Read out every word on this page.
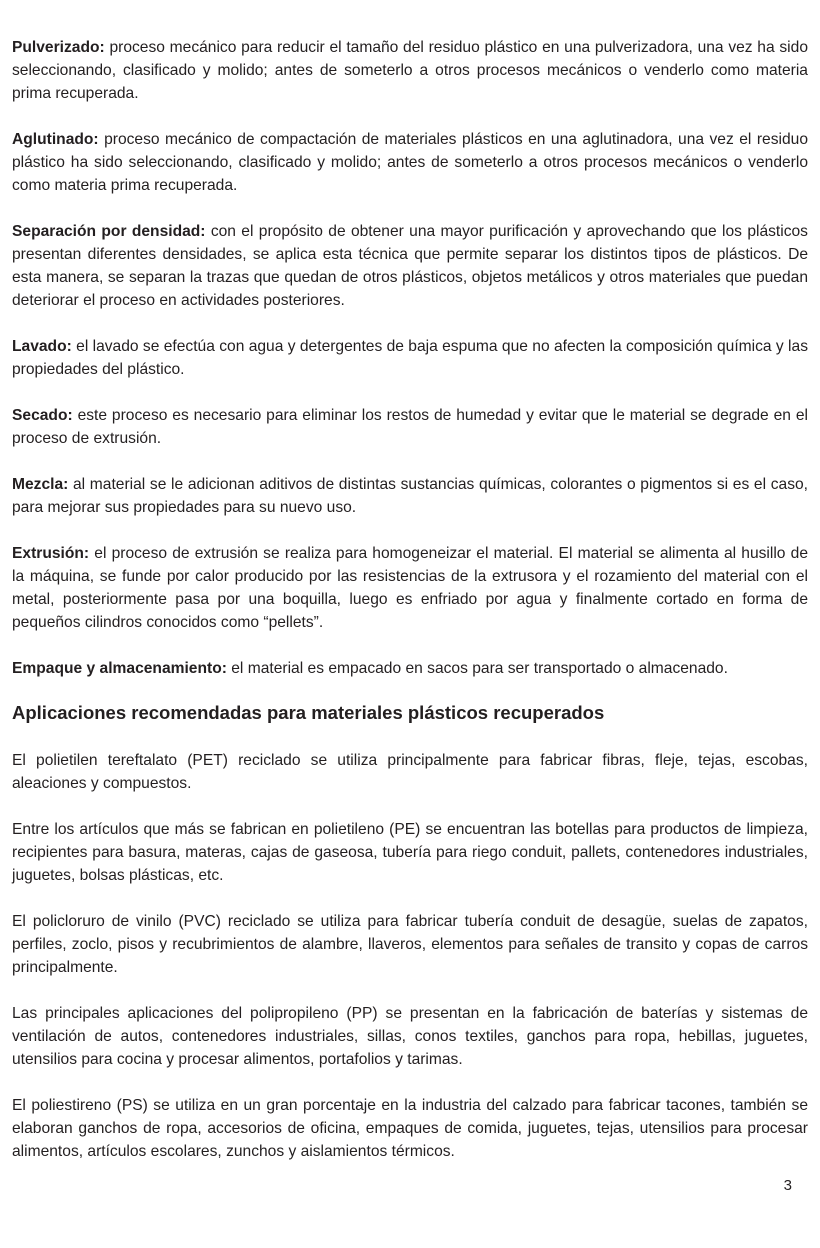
Pulverizado: proceso mecánico para reducir el tamaño del residuo plástico en una pulverizadora, una vez ha sido seleccionando, clasificado y molido; antes de someterlo a otros procesos mecánicos o venderlo como materia prima recuperada.

Aglutinado: proceso mecánico de compactación de materiales plásticos en una aglutinadora, una vez el residuo plástico ha sido seleccionando, clasificado y molido; antes de someterlo a otros procesos mecánicos o venderlo como materia prima recuperada.

Separación por densidad: con el propósito de obtener una mayor purificación y aprovechando que los plásticos presentan diferentes densidades, se aplica esta técnica que permite separar los distintos tipos de plásticos. De esta manera, se separan la trazas que quedan de otros plásticos, objetos metálicos y otros materiales que puedan deteriorar el proceso en actividades posteriores.

Lavado: el lavado se efectúa con agua y detergentes de baja espuma que no afecten la composición química y las propiedades del plástico.

Secado: este proceso es necesario para eliminar los restos de humedad y evitar que le material se degrade en el proceso de extrusión.

Mezcla: al material se le adicionan aditivos de distintas sustancias químicas, colorantes o pigmentos si es el caso, para mejorar sus propiedades para su nuevo uso.

Extrusión: el proceso de extrusión se realiza para homogeneizar el material. El material se alimenta al husillo de la máquina, se funde por calor producido por las resistencias de la extrusora y el rozamiento del material con el metal, posteriormente pasa por una boquilla, luego es enfriado por agua y finalmente cortado en forma de pequeños cilindros conocidos como “pellets”.

Empaque y almacenamiento: el material es empacado en sacos para ser transportado o almacenado.

Aplicaciones recomendadas para materiales plásticos recuperados

El polietilen tereftalato (PET) reciclado se utiliza principalmente para fabricar fibras, fleje, tejas, escobas, aleaciones y compuestos.

Entre los artículos que más se fabrican en polietileno (PE) se encuentran las botellas para productos de limpieza, recipientes para basura, materas, cajas de gaseosa, tubería para riego conduit, pallets, contenedores industriales, juguetes, bolsas plásticas, etc.

El policloruro de vinilo (PVC) reciclado se utiliza para fabricar tubería conduit de desagüe, suelas de zapatos, perfiles, zoclo, pisos y recubrimientos de alambre, llaveros, elementos para señales de transito y copas de carros principalmente.

Las principales aplicaciones del polipropileno (PP) se presentan en la fabricación de baterías y sistemas de ventilación de autos, contenedores industriales, sillas, conos textiles, ganchos para ropa, hebillas, juguetes, utensilios para cocina y procesar alimentos, portafolios y tarimas.

El poliestireno (PS) se utiliza en un gran porcentaje en la industria del calzado para fabricar tacones, también se elaboran ganchos de ropa, accesorios de oficina, empaques de comida, juguetes, tejas, utensilios para procesar alimentos, artículos escolares, zunchos y aislamientos térmicos.

3
